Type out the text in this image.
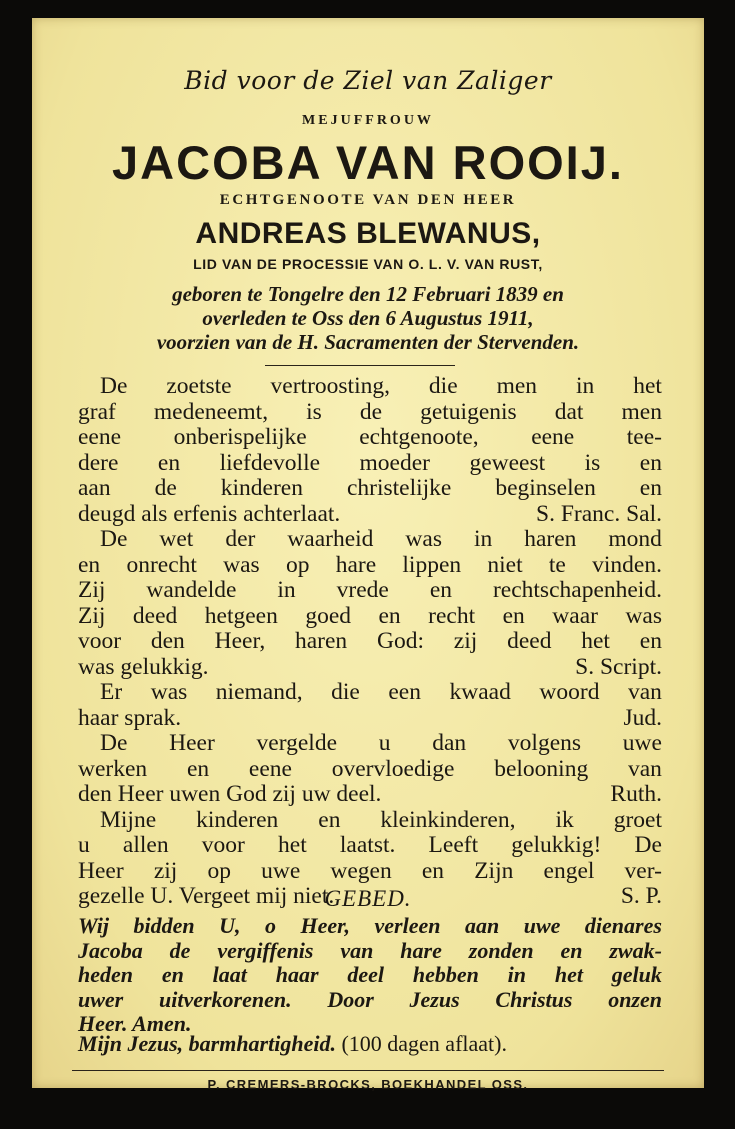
Bid voor de Ziel van Zaliger
MEJUFFROUW
JACOBA VAN ROOIJ.
ECHTGENOOTE VAN DEN HEER
ANDREAS BLEWANUS,
LID VAN DE PROCESSIE VAN O. L. V. VAN RUST,
geboren te Tongelre den 12 Februari 1839 en
overleden te Oss den 6 Augustus 1911,
voorzien van de H. Sacramenten der Stervenden.
De zoetste vertroosting, die men in het
graf medeneemt, is de getuigenis dat men
eene onberispelijke echtgenoote, eene tee-
dere en liefdevolle moeder geweest is en
aan de kinderen christelijke beginselen en
deugd als erfenis achterlaat.	S. Franc. Sal.
De wet der waarheid was in haren mond
en onrecht was op hare lippen niet te vinden.
Zij wandelde in vrede en rechtschapenheid.
Zij deed hetgeen goed en recht en waar was
voor den Heer, haren God: zij deed het en
was gelukkig.	S. Script.
Er was niemand, die een kwaad woord van
haar sprak.	Jud.
De Heer vergelde u dan volgens uwe
werken en eene overvloedige belooning van
den Heer uwen God zij uw deel.	Ruth.
Mijne kinderen en kleinkinderen, ik groet
u allen voor het laatst. Leeft gelukkig! De
Heer zij op uwe wegen en Zijn engel ver-
gezelle U. Vergeet mij niet.	S. P.
GEBED.
Wij bidden U, o Heer, verleen aan uwe dienares
Jacoba de vergiffenis van hare zonden en zwak-
heden en laat haar deel hebben in het geluk
uwer uitverkorenen. Door Jezus Christus onzen
Heer. Amen.
Mijn Jezus, barmhartigheid. (100 dagen aflaat).
P. CREMERS-BROCKS, BOEKHANDEL OSS.
